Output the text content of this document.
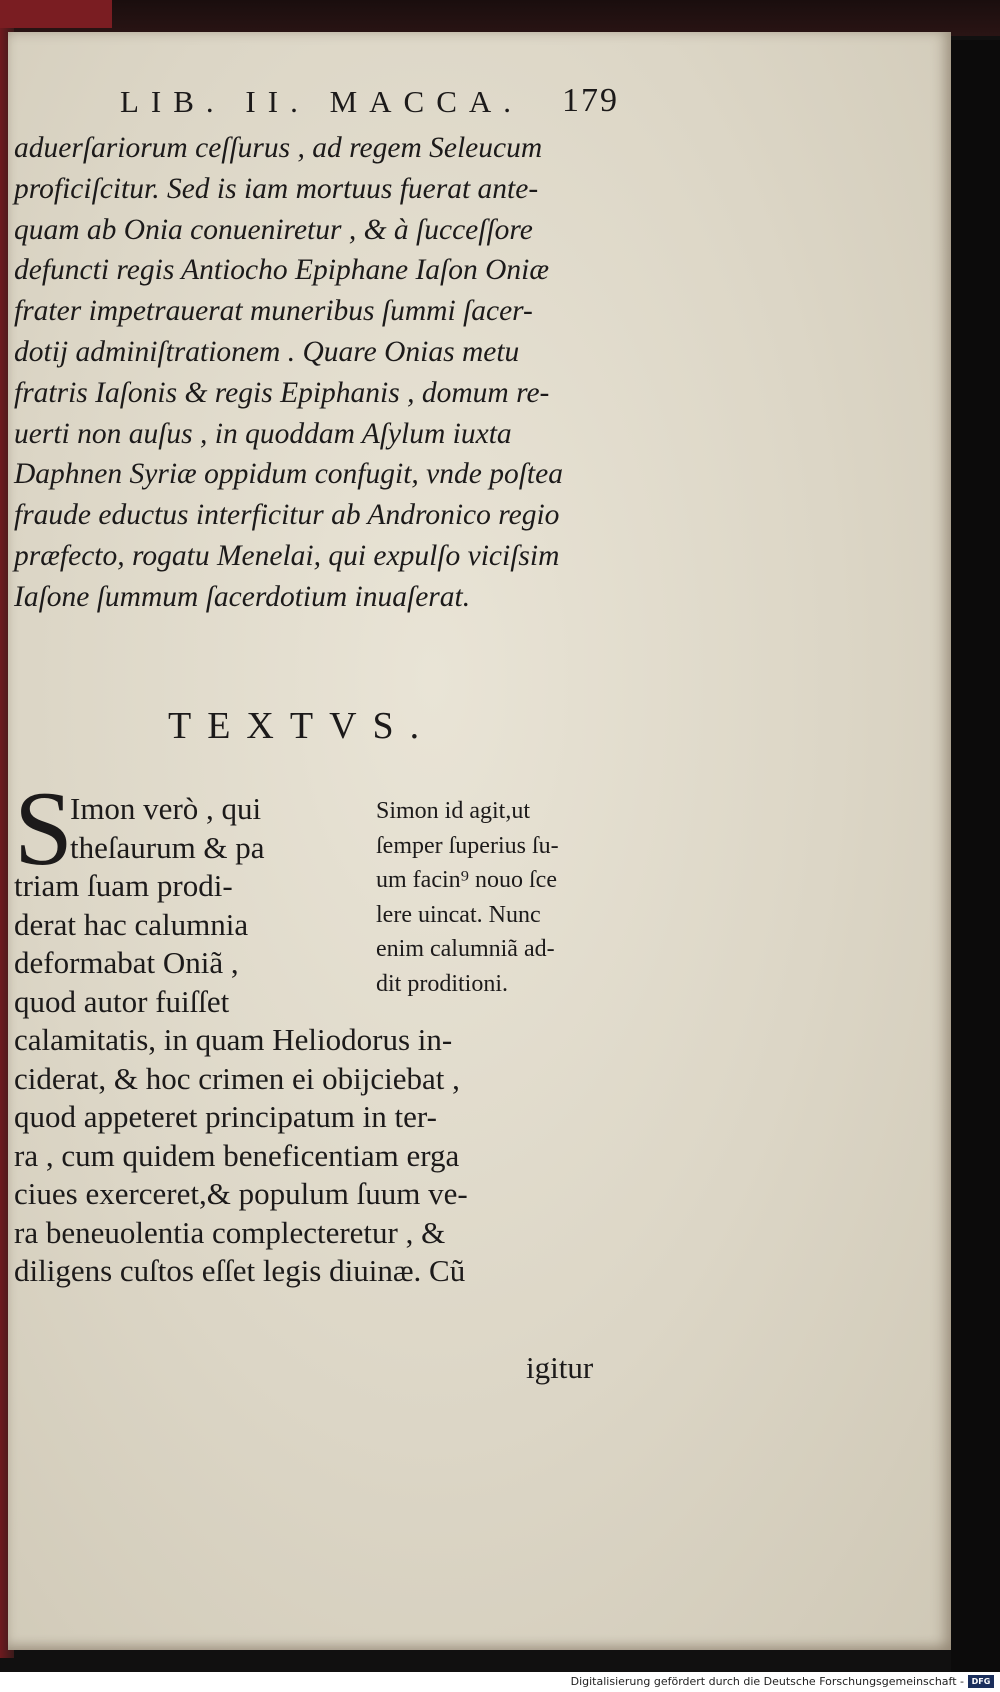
LIB. II. MACCA.	179
aduerſariorum ceſſurus , ad regem Seleucum
proficiſcitur. Sed is iam mortuus fuerat ante-
quam ab Onia conueniretur , & à ſucceſſore
defuncti regis Antiocho Epiphane Iaſon Oniæ
frater impetrauerat muneribus ſummi ſacer-
dotij adminiſtrationem . Quare Onias metu
fratris Iaſonis & regis Epiphanis , domum re-
uerti non auſus , in quoddam Aſylum iuxta
Daphnen Syriæ oppidum confugit, vnde poſtea
fraude eductus interficitur ab Andronico regio
præfecto, rogatu Menelai, qui expulſo viciſsim
Iaſone ſummum ſacerdotium inuaſerat.
TEXTVS.
S
Imon verò , qui
theſaurum & pa
triam ſuam prodi-
derat hac calumnia
deformabat Oniã ,
quod autor fuiſſet
calamitatis, in quam Heliodorus in-
ciderat, & hoc crimen ei obijciebat ,
quod appeteret principatum in ter-
ra , cum quidem beneficentiam erga
ciues exerceret,& populum ſuum ve-
ra beneuolentia complecteretur , &
diligens cuſtos eſſet legis diuinæ. Cũ
Simon id agit,ut
ſemper ſuperius ſu-
um facin⁹ nouo ſce
lere uincat. Nunc
enim calumniã ad-
dit proditioni.
igitur
Digitalisierung gefördert durch die Deutsche Forschungsgemeinschaft - DFG
